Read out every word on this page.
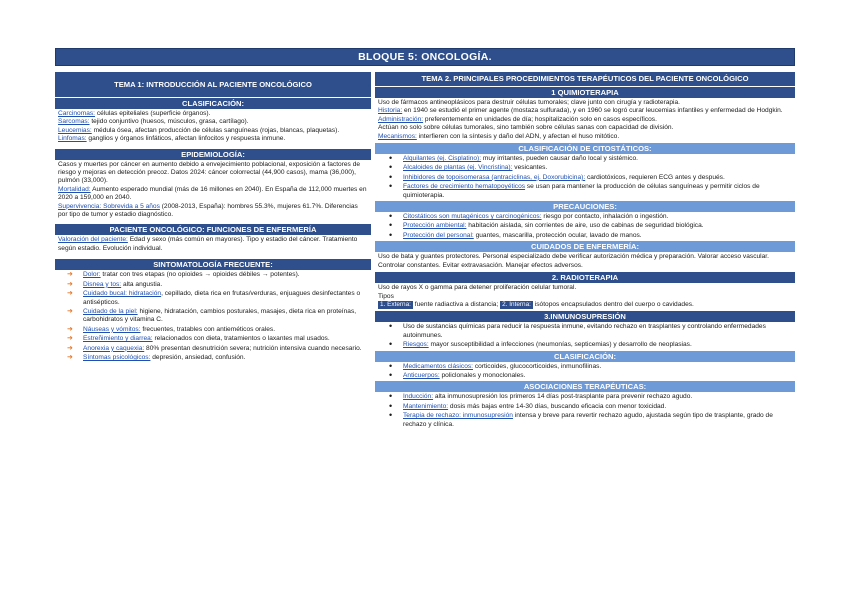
BLOQUE 5: ONCOLOGÍA.
TEMA 1: INTRODUCCIÓN AL PACIENTE ONCOLÓGICO
CLASIFICACIÓN:
Carcinomas: células epiteliales (superficie órganos).
Sarcomas: tejido conjuntivo (huesos, músculos, grasa, cartílago).
Leucemias: médula ósea, afectan producción de células sanguíneas (rojas, blancas, plaquetas).
Linfomas: ganglios y órganos linfáticos, afectan linfocitos y respuesta inmune.
EPIDEMIOLOGÍA:
Casos y muertes por cáncer en aumento debido a envejecimiento poblacional, exposición a factores de riesgo y mejoras en detección precoz. Datos 2024: cáncer colorrectal (44,900 casos), mama (36,000), pulmón (33,000).
Mortalidad: Aumento esperado mundial (más de 16 millones en 2040). En España de 112,000 muertes en 2020 a 159,000 en 2040.
Supervivencia: Sobrevida a 5 años (2008-2013, España): hombres 55.3%, mujeres 61.7%. Diferencias por tipo de tumor y estadio diagnóstico.
PACIENTE ONCOLÓGICO: FUNCIONES DE ENFERMERÍA
Valoración del paciente: Edad y sexo (más común en mayores). Tipo y estadio del cáncer. Tratamiento según estadio. Evolución individual.
SINTOMATOLOGÍA FRECUENTE:
➜ Dolor: tratar con tres etapas (no opioides → opioides débiles → potentes).
➜ Disnea y tos: alta angustia.
➜ Cuidado bucal: hidratación, cepillado, dieta rica en frutas/verduras, enjuagues desinfectantes o antisépticos.
➜ Cuidado de la piel: higiene, hidratación, cambios posturales, masajes, dieta rica en proteínas, carbohidratos y vitamina C.
➜ Náuseas y vómitos: frecuentes, tratables con antieméticos orales.
➜ Estreñimiento y diarrea: relacionados con dieta, tratamientos o laxantes mal usados.
➜ Anorexia y caquexia: 80% presentan desnutrición severa; nutrición intensiva cuando necesario.
➜ Síntomas psicológicos: depresión, ansiedad, confusión.
TEMA 2. PRINCIPALES PROCEDIMIENTOS TERAPÉUTICOS DEL PACIENTE ONCOLÓGICO
1 QUIMIOTERAPIA
Uso de fármacos antineoplásicos para destruir células tumorales; clave junto con cirugía y radioterapia.
Historia: en 1940 se estudió el primer agente (mostaza sulfurada), y en 1960 se logró curar leucemias infantiles y enfermedad de Hodgkin.
Administración: preferentemente en unidades de día; hospitalización solo en casos específicos.
Actúan no solo sobre células tumorales, sino también sobre células sanas con capacidad de división.
Mecanismos: interfieren con la síntesis y daño del ADN, y afectan el huso mitótico.
CLASIFICACIÓN DE CITOSTÁTICOS:
• Alquilantes (ej. Cisplatino): muy irritantes, pueden causar daño local y sistémico.
• Alcaloides de plantas (ej. Vincristina): vesicantes.
• Inhibidores de topoisomerasa (antraciclinas, ej. Doxorubicina): cardiotóxicos, requieren ECG antes y después.
• Factores de crecimiento hematopoyéticos se usan para mantener la producción de células sanguíneas y permitir ciclos de quimioterapia.
PRECAUCIONES:
• Citostáticos son mutagénicos y carcinogénicos: riesgo por contacto, inhalación o ingestión.
• Protección ambiental: habitación aislada, sin corrientes de aire, uso de cabinas de seguridad biológica.
• Protección del personal: guantes, mascarilla, protección ocular, lavado de manos.
CUIDADOS DE ENFERMERÍA:
Uso de bata y guantes protectores. Personal especializado debe verificar autorización médica y preparación. Valorar acceso vascular. Controlar constantes. Evitar extravasación. Manejar efectos adversos.
2. RADIOTERAPIA
Uso de rayos X o gamma para detener proliferación celular tumoral.
Tipos
1. Externa: fuente radiactiva a distancia; 2. Interna: isótopos encapsulados dentro del cuerpo o cavidades.
3.INMUNOSUPRESIÓN
• Uso de sustancias químicas para reducir la respuesta inmune, evitando rechazo en trasplantes y controlando enfermedades autoinmunes.
• Riesgos: mayor susceptibilidad a infecciones (neumonías, septicemias) y desarrollo de neoplasias.
CLASIFICACIÓN:
• Medicamentos clásicos: corticoides, glucocorticoides, inmunofilinas.
• Anticuerpos: policlonales y monoclonales.
ASOCIACIONES TERAPÉUTICAS:
• Inducción: alta inmunosupresión los primeros 14 días post-trasplante para prevenir rechazo agudo.
• Mantenimiento: dosis más bajas entre 14-30 días, buscando eficacia con menor toxicidad.
• Terapia de rechazo: inmunosupresión intensa y breve para revertir rechazo agudo, ajustada según tipo de trasplante, grado de rechazo y clínica.
